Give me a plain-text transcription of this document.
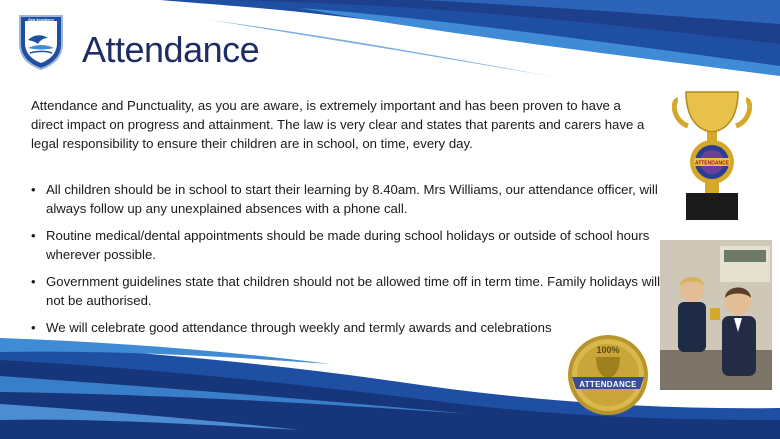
Sea Academy Liberty
Attendance

Attendance and Punctuality, as you are aware, is extremely important and has been proven to have a direct impact on progress and attainment. The law is very clear and states that parents and carers have a legal responsibility to ensure their children are in school, on time, every day.

• All children should be in school to start their learning by 8.40am. Mrs Williams, our attendance officer, will always follow up any unexplained absences with a phone call.
• Routine medical/dental appointments should be made during school holidays or outside of school hours wherever possible.
• Government guidelines state that children should not be allowed time off in term time. Family holidays will not be authorised.
• We will celebrate good attendance through weekly and termly awards and celebrations
ATTENDANCE
100%
ATTENDANCE
